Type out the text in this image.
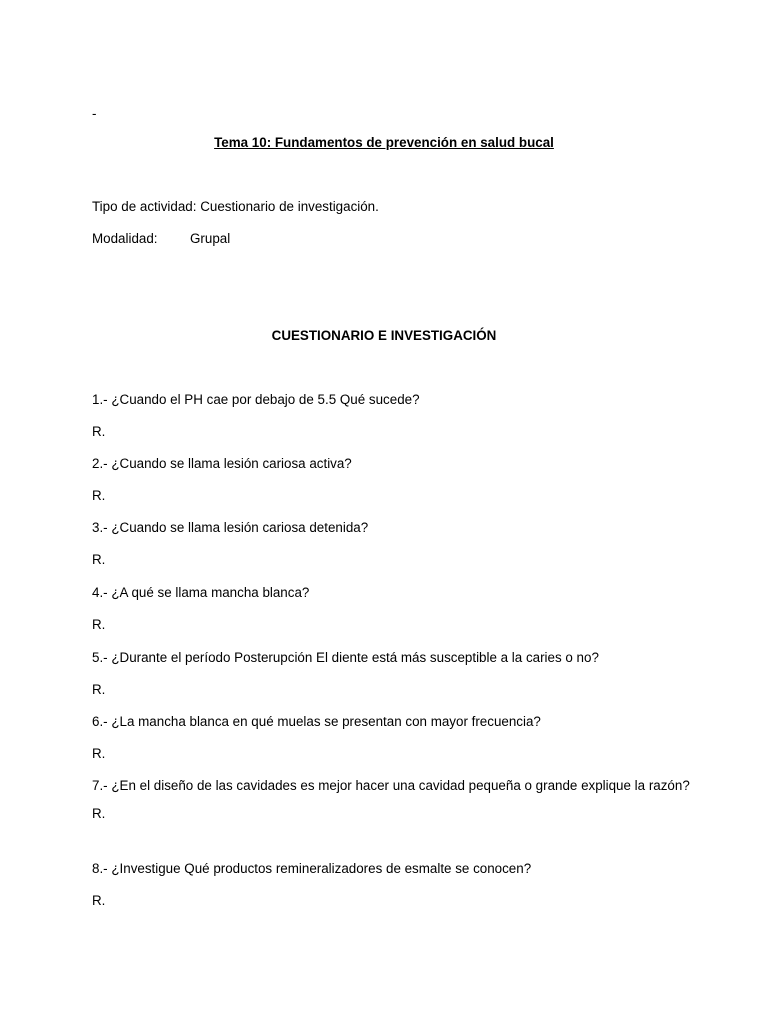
-
Tema 10: Fundamentos de prevención en salud bucal
Tipo de actividad: Cuestionario de investigación.
Modalidad: Grupal
CUESTIONARIO E INVESTIGACIÓN
1.- ¿Cuando el PH cae por debajo de 5.5 Qué sucede?
R.
2.- ¿Cuando se llama lesión cariosa activa?
R.
3.- ¿Cuando se llama lesión cariosa detenida?
R.
4.- ¿A qué se llama mancha blanca?
R.
5.- ¿Durante el período Posterupción El diente está más susceptible a la caries o no?
R.
6.- ¿La mancha blanca en qué muelas se presentan con mayor frecuencia?
R.
7.- ¿En el diseño de las cavidades es mejor hacer una cavidad pequeña o grande explique la razón?
R.
8.- ¿Investigue Qué productos remineralizadores de esmalte se conocen?
R.
